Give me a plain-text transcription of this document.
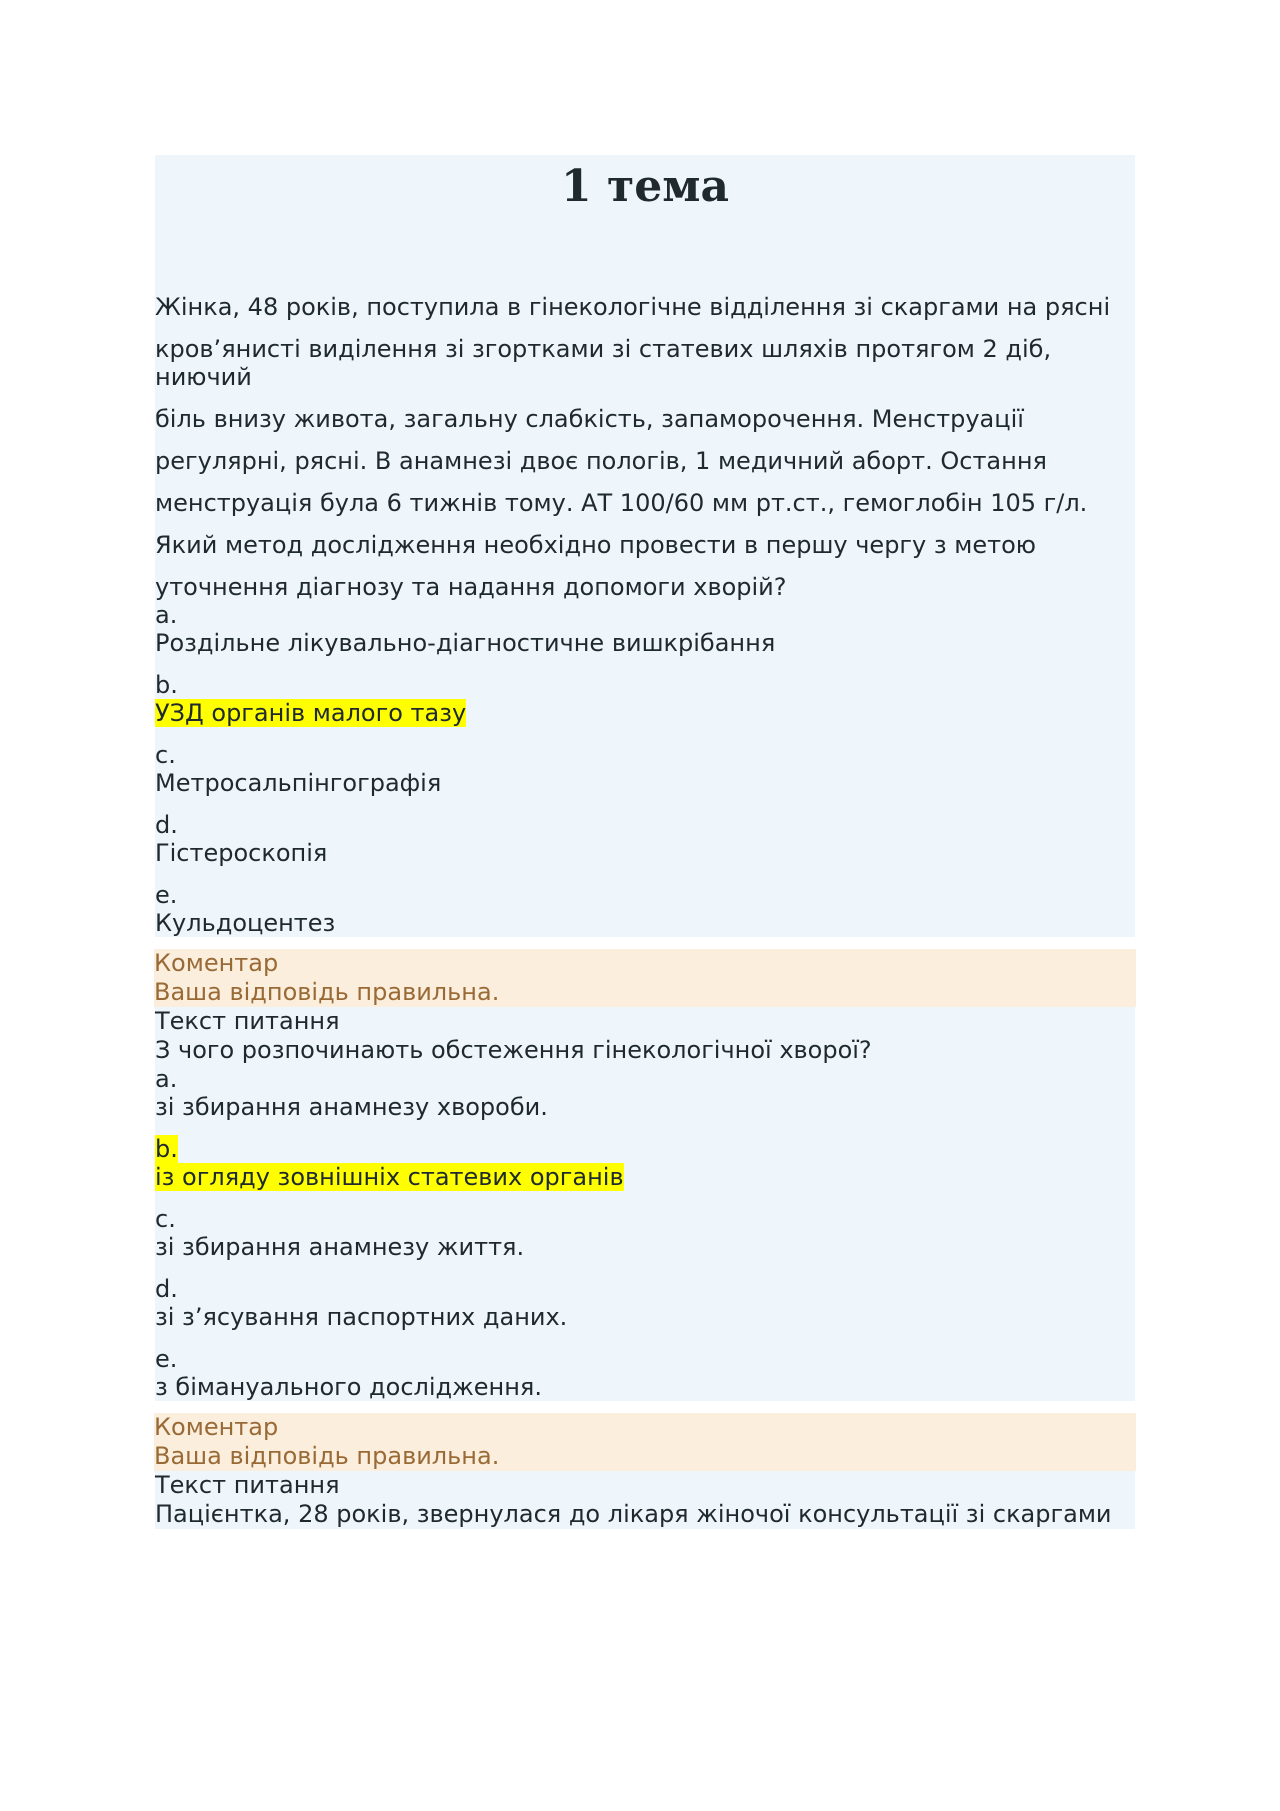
1 тема

Жінка, 48 років, поступила в гінекологічне відділення зі скаргами на рясні

кров’янисті виділення зі згортками зі статевих шляхів протягом 2 діб, ниючий

біль внизу живота, загальну слабкість, запаморочення. Менструації

регулярні, рясні. В анамнезі двоє пологів, 1 медичний аборт. Остання

менструація була 6 тижнів тому. АТ 100/60 мм рт.ст., гемоглобін 105 г/л.

Який метод дослідження необхідно провести в першу чергу з метою

уточнення діагнозу та надання допомоги хворій?

a.

Роздільне лікувально-діагностичне вишкрібання

b.

УЗД органів малого тазу

c.

Метросальпінгографія

d.

Гістероскопія

e.

Кульдоцентез

Коментар
Ваша відповідь правильна.

Текст питання

З чого розпочинають обстеження гінекологічної хворої?

a.

зі збирання анамнезу хвороби.

b.

із огляду зовнішніх статевих органів

c.

зі збирання анамнезу життя.

d.

зі з’ясування паспортних даних.

e.

з бімануального дослідження.

Коментар
Ваша відповідь правильна.

Текст питання

Пацієнтка, 28 років, звернулася до лікаря жіночої консультації зі скаргами
